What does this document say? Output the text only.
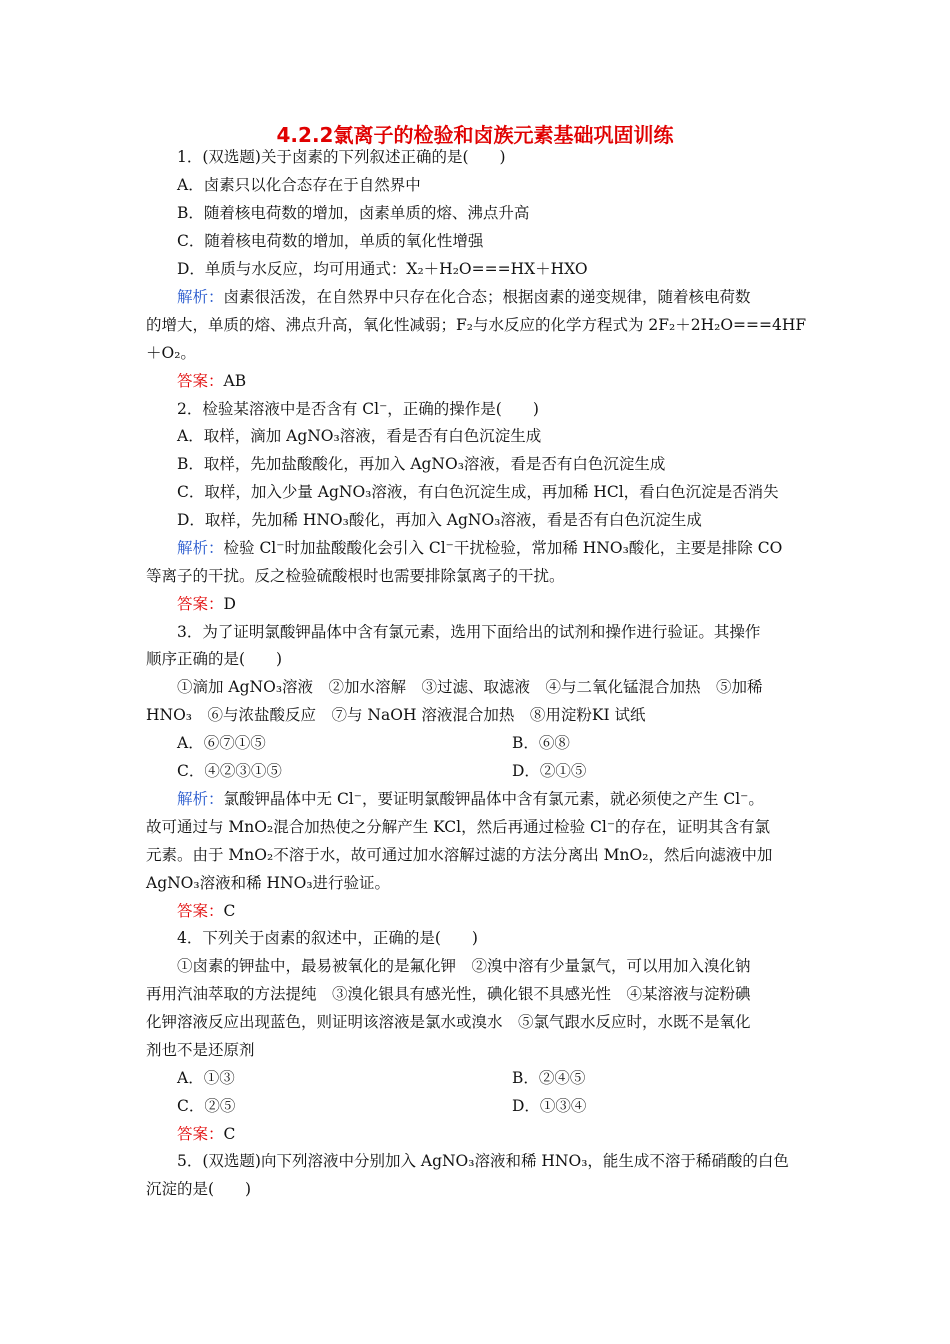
4.2.2氯离子的检验和卤族元素基础巩固训练
1．(双选题)关于卤素的下列叙述正确的是(　　)
A．卤素只以化合态存在于自然界中
B．随着核电荷数的增加，卤素单质的熔、沸点升高
C．随着核电荷数的增加，单质的氧化性增强
D．单质与水反应，均可用通式：X₂＋H₂O===HX＋HXO
解析：卤素很活泼，在自然界中只存在化合态；根据卤素的递变规律，随着核电荷数
的增大，单质的熔、沸点升高，氧化性减弱；F₂与水反应的化学方程式为 2F₂＋2H₂O===4HF
＋O₂。
答案：AB
2．检验某溶液中是否含有 Cl⁻，正确的操作是(　　)
A．取样，滴加 AgNO₃溶液，看是否有白色沉淀生成
B．取样，先加盐酸酸化，再加入 AgNO₃溶液，看是否有白色沉淀生成
C．取样，加入少量 AgNO₃溶液，有白色沉淀生成，再加稀 HCl，看白色沉淀是否消失
D．取样，先加稀 HNO₃酸化，再加入 AgNO₃溶液，看是否有白色沉淀生成
解析：检验 Cl⁻时加盐酸酸化会引入 Cl⁻干扰检验，常加稀 HNO₃酸化，主要是排除 CO
等离子的干扰。反之检验硫酸根时也需要排除氯离子的干扰。
答案：D
3．为了证明氯酸钾晶体中含有氯元素，选用下面给出的试剂和操作进行验证。其操作
顺序正确的是(　　)
①滴加 AgNO₃溶液　②加水溶解　③过滤、取滤液　④与二氧化锰混合加热　⑤加稀
HNO₃　⑥与浓盐酸反应　⑦与 NaOH 溶液混合加热　⑧用淀粉KI 试纸
A．⑥⑦①⑤	B．⑥⑧
C．④②③①⑤	D．②①⑤
解析：氯酸钾晶体中无 Cl⁻，要证明氯酸钾晶体中含有氯元素，就必须使之产生 Cl⁻。
故可通过与 MnO₂混合加热使之分解产生 KCl，然后再通过检验 Cl⁻的存在，证明其含有氯
元素。由于 MnO₂不溶于水，故可通过加水溶解过滤的方法分离出 MnO₂，然后向滤液中加
AgNO₃溶液和稀 HNO₃进行验证。
答案：C
4．下列关于卤素的叙述中，正确的是(　　)
①卤素的钾盐中，最易被氧化的是氟化钾　②溴中溶有少量氯气，可以用加入溴化钠
再用汽油萃取的方法提纯　③溴化银具有感光性，碘化银不具感光性　④某溶液与淀粉碘
化钾溶液反应出现蓝色，则证明该溶液是氯水或溴水　⑤氯气跟水反应时，水既不是氧化
剂也不是还原剂
A．①③	B．②④⑤
C．②⑤	D．①③④
答案：C
5．(双选题)向下列溶液中分别加入 AgNO₃溶液和稀 HNO₃，能生成不溶于稀硝酸的白色
沉淀的是(　　)
